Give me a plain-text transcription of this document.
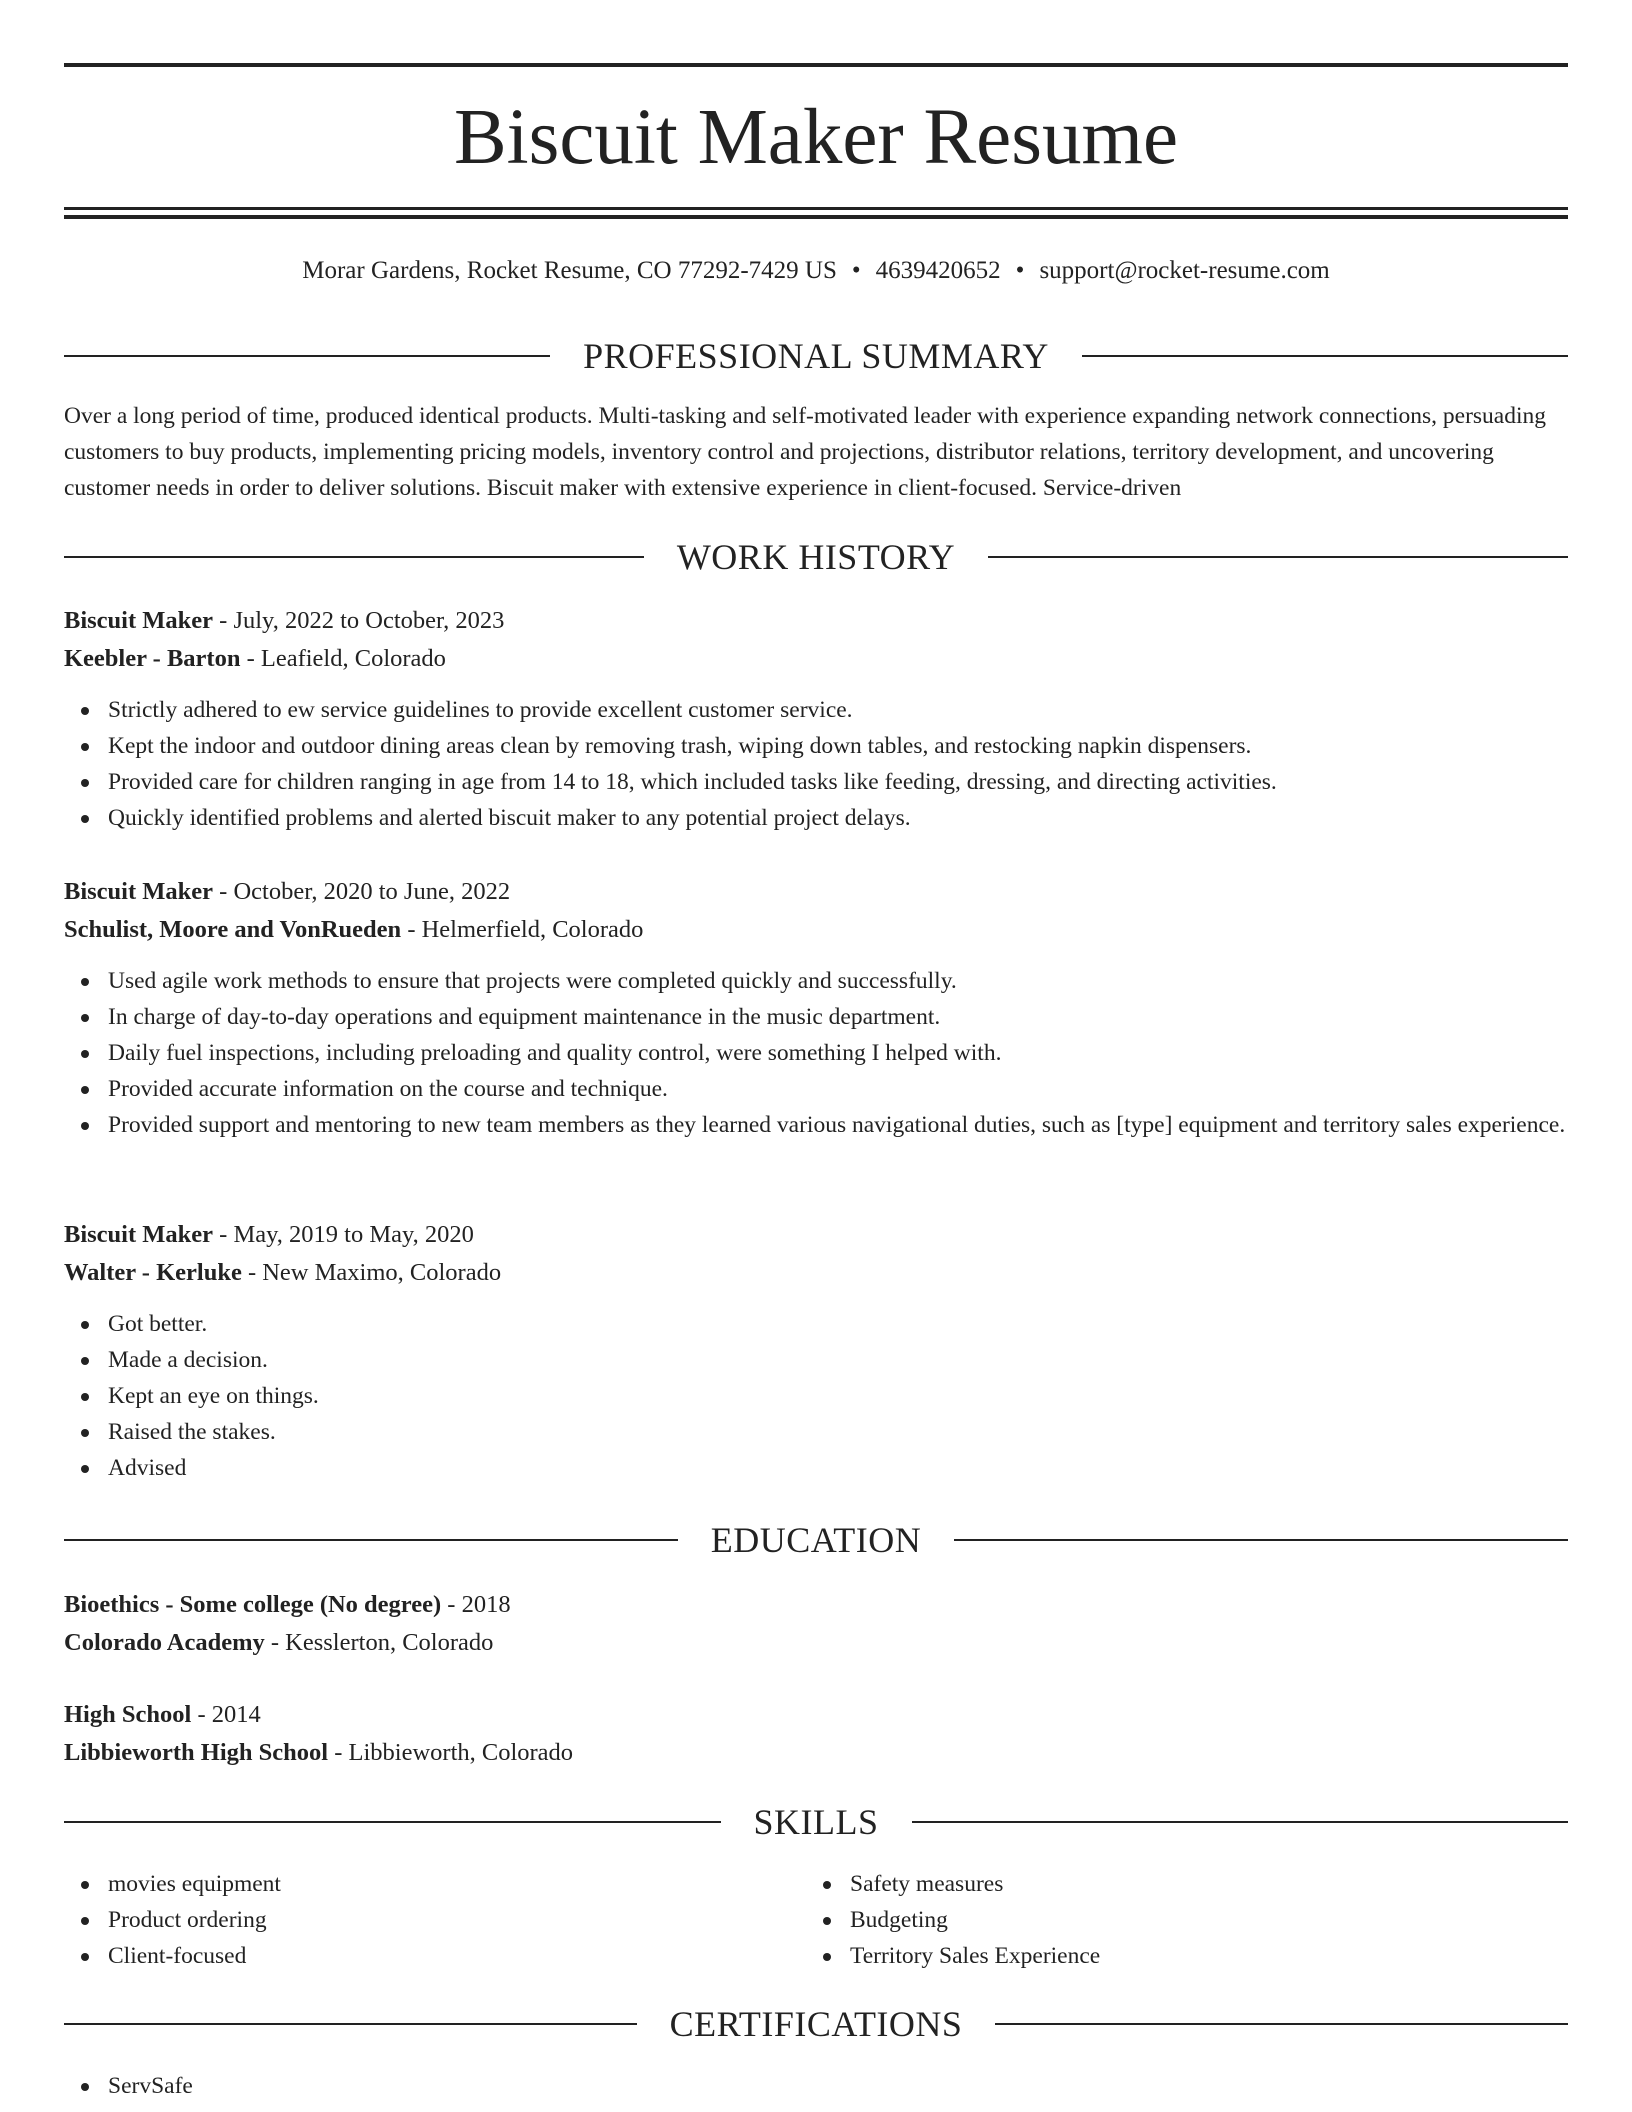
Biscuit Maker Resume
Morar Gardens, Rocket Resume, CO 77292-7429 US • 4639420652 • support@rocket-resume.com
PROFESSIONAL SUMMARY
Over a long period of time, produced identical products. Multi-tasking and self-motivated leader with experience expanding network connections, persuading customers to buy products, implementing pricing models, inventory control and projections, distributor relations, territory development, and uncovering customer needs in order to deliver solutions. Biscuit maker with extensive experience in client-focused. Service-driven
WORK HISTORY
Biscuit Maker - July, 2022 to October, 2023
Keebler - Barton - Leafield, Colorado
Strictly adhered to ew service guidelines to provide excellent customer service.
Kept the indoor and outdoor dining areas clean by removing trash, wiping down tables, and restocking napkin dispensers.
Provided care for children ranging in age from 14 to 18, which included tasks like feeding, dressing, and directing activities.
Quickly identified problems and alerted biscuit maker to any potential project delays.
Biscuit Maker - October, 2020 to June, 2022
Schulist, Moore and VonRueden - Helmerfield, Colorado
Used agile work methods to ensure that projects were completed quickly and successfully.
In charge of day-to-day operations and equipment maintenance in the music department.
Daily fuel inspections, including preloading and quality control, were something I helped with.
Provided accurate information on the course and technique.
Provided support and mentoring to new team members as they learned various navigational duties, such as [type] equipment and territory sales experience.
Biscuit Maker - May, 2019 to May, 2020
Walter - Kerluke - New Maximo, Colorado
Got better.
Made a decision.
Kept an eye on things.
Raised the stakes.
Advised
EDUCATION
Bioethics - Some college (No degree) - 2018
Colorado Academy - Kesslerton, Colorado
High School - 2014
Libbieworth High School - Libbieworth, Colorado
SKILLS
movies equipment
Product ordering
Client-focused
Safety measures
Budgeting
Territory Sales Experience
CERTIFICATIONS
ServSafe
